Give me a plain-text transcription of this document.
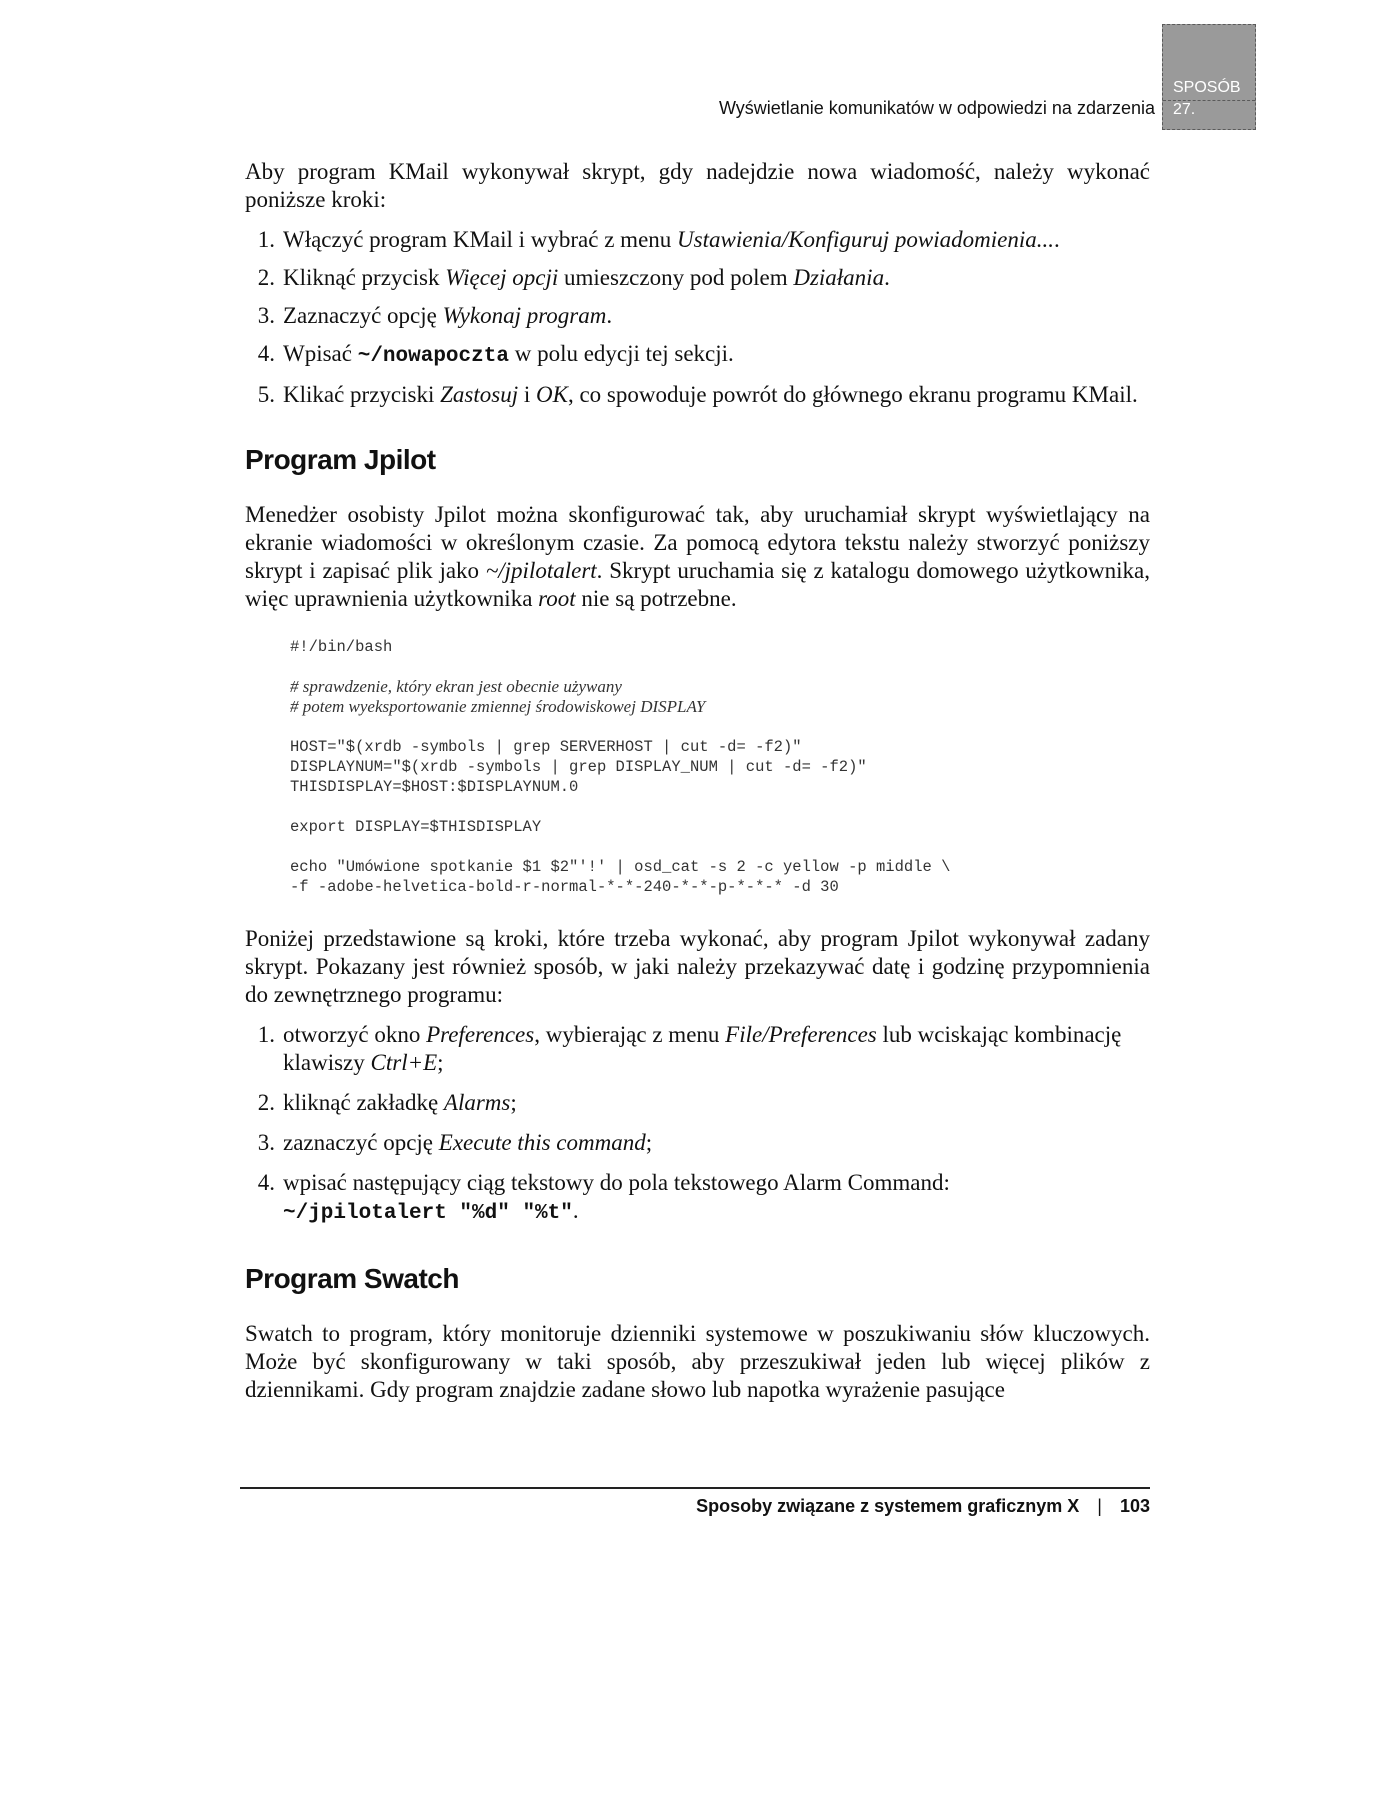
SPOSÓB
27.
Wyświetlanie komunikatów w odpowiedzi na zdarzenia

Aby program KMail wykonywał skrypt, gdy nadejdzie nowa wiadomość, należy wykonać poniższe kroki:

1. Włączyć program KMail i wybrać z menu Ustawienia/Konfiguruj powiadomienia....
2. Kliknąć przycisk Więcej opcji umieszczony pod polem Działania.
3. Zaznaczyć opcję Wykonaj program.
4. Wpisać ~/nowapoczta w polu edycji tej sekcji.
5. Klikać przyciski Zastosuj i OK, co spowoduje powrót do głównego ekranu programu KMail.
Program Jpilot

Menedżer osobisty Jpilot można skonfigurować tak, aby uruchamiał skrypt wyświetlający na ekranie wiadomości w określonym czasie. Za pomocą edytora tekstu należy stworzyć poniższy skrypt i zapisać plik jako ~/jpilotalert. Skrypt uruchamia się z katalogu domowego użytkownika, więc uprawnienia użytkownika root nie są potrzebne.

#!/bin/bash
# sprawdzenie, który ekran jest obecnie używany
# potem wyeksportowanie zmiennej środowiskowej DISPLAY
HOST="$(xrdb -symbols | grep SERVERHOST | cut -d= -f2)"
DISPLAYNUM="$(xrdb -symbols | grep DISPLAY_NUM | cut -d= -f2)"
THISDISPLAY=$HOST:$DISPLAYNUM.0
export DISPLAY=$THISDISPLAY
echo "Umówione spotkanie $1 $2"'!' | osd_cat -s 2 -c yellow -p middle \
-f -adobe-helvetica-bold-r-normal-*-*-240-*-*-p-*-*-* -d 30

Poniżej przedstawione są kroki, które trzeba wykonać, aby program Jpilot wykonywał zadany skrypt. Pokazany jest również sposób, w jaki należy przekazywać datę i godzinę przypomnienia do zewnętrznego programu:

1. otworzyć okno Preferences, wybierając z menu File/Preferences lub wciskając kombinację klawiszy Ctrl+E;
2. kliknąć zakładkę Alarms;
3. zaznaczyć opcję Execute this command;
4. wpisać następujący ciąg tekstowy do pola tekstowego Alarm Command:
~/jpilotalert "%d" "%t".
Program Swatch

Swatch to program, który monitoruje dzienniki systemowe w poszukiwaniu słów kluczowych. Może być skonfigurowany w taki sposób, aby przeszukiwał jeden lub więcej plików z dziennikami. Gdy program znajdzie zadane słowo lub napotka wyrażenie pasujące

Sposoby związane z systemem graficznym X | 103
